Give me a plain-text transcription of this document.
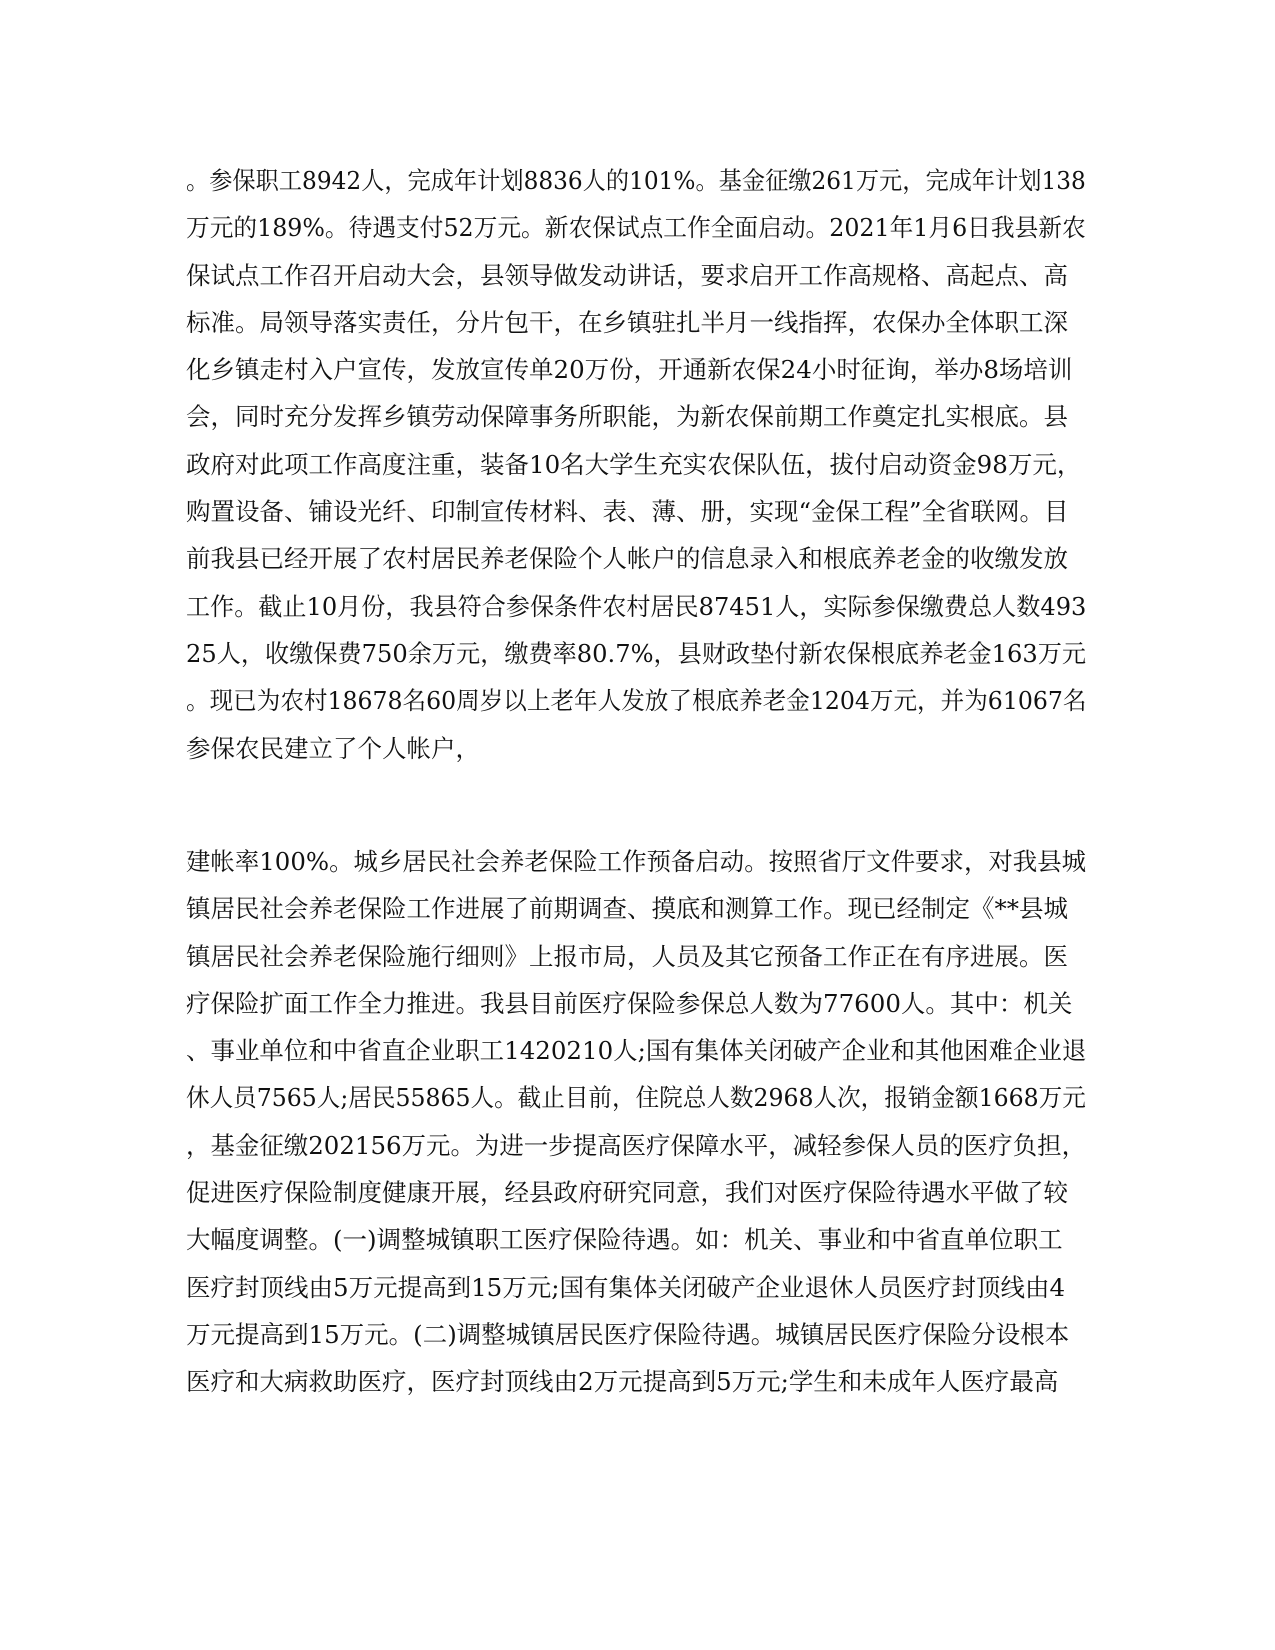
。参保职工8942人，完成年计划8836人的101%。基金征缴261万元，完成年计划138 万元的189%。待遇支付52万元。新农保试点工作全面启动。2021年1月6日我县新农
保试点工作召开启动大会，县领导做发动讲话，要求启开工作高规格、高起点、高
标准。局领导落实责任，分片包干，在乡镇驻扎半月一线指挥，农保办全体职工深
化乡镇走村入户宣传，发放宣传单20万份，开通新农保24小时征询，举办8场培训
会，同时充分发挥乡镇劳动保障事务所职能，为新农保前期工作奠定扎实根底。县
政府对此项工作高度注重，装备10名大学生充实农保队伍，拔付启动资金98万元，
购置设备、铺设光纤、印制宣传材料、表、薄、册，实现“金保工程”全省联网。目
前我县已经开展了农村居民养老保险个人帐户的信息录入和根底养老金的收缴发放
工作。截止10月份，我县符合参保条件农村居民87451人，实际参保缴费总人数493 25人，收缴保费750余万元，缴费率80.7%，县财政垫付新农保根底养老金163万元 。现已为农村18678名60周岁以上老年人发放了根底养老金1204万元，并为61067名
参保农民建立了个人帐户，
建帐率100%。城乡居民社会养老保险工作预备启动。按照省厅文件要求，对我县城
镇居民社会养老保险工作进展了前期调查、摸底和测算工作。现已经制定《**县城
镇居民社会养老保险施行细则》上报市局，人员及其它预备工作正在有序进展。医
疗保险扩面工作全力推进。我县目前医疗保险参保总人数为77600人。其中：机关
、事业单位和中省直企业职工1420210人;国有集体关闭破产企业和其他困难企业退 休人员7565人;居民55865人。截止目前，住院总人数2968人次，报销金额1668万元 ，基金征缴202156万元。为进一步提高医疗保障水平，减轻参保人员的医疗负担，
促进医疗保险制度健康开展，经县政府研究同意，我们对医疗保险待遇水平做了较
大幅度调整。(一)调整城镇职工医疗保险待遇。如：机关、事业和中省直单位职工
医疗封顶线由5万元提高到15万元;国有集体关闭破产企业退休人员医疗封顶线由4
万元提高到15万元。(二)调整城镇居民医疗保险待遇。城镇居民医疗保险分设根本
医疗和大病救助医疗，医疗封顶线由2万元提高到5万元;学生和未成年人医疗最高
